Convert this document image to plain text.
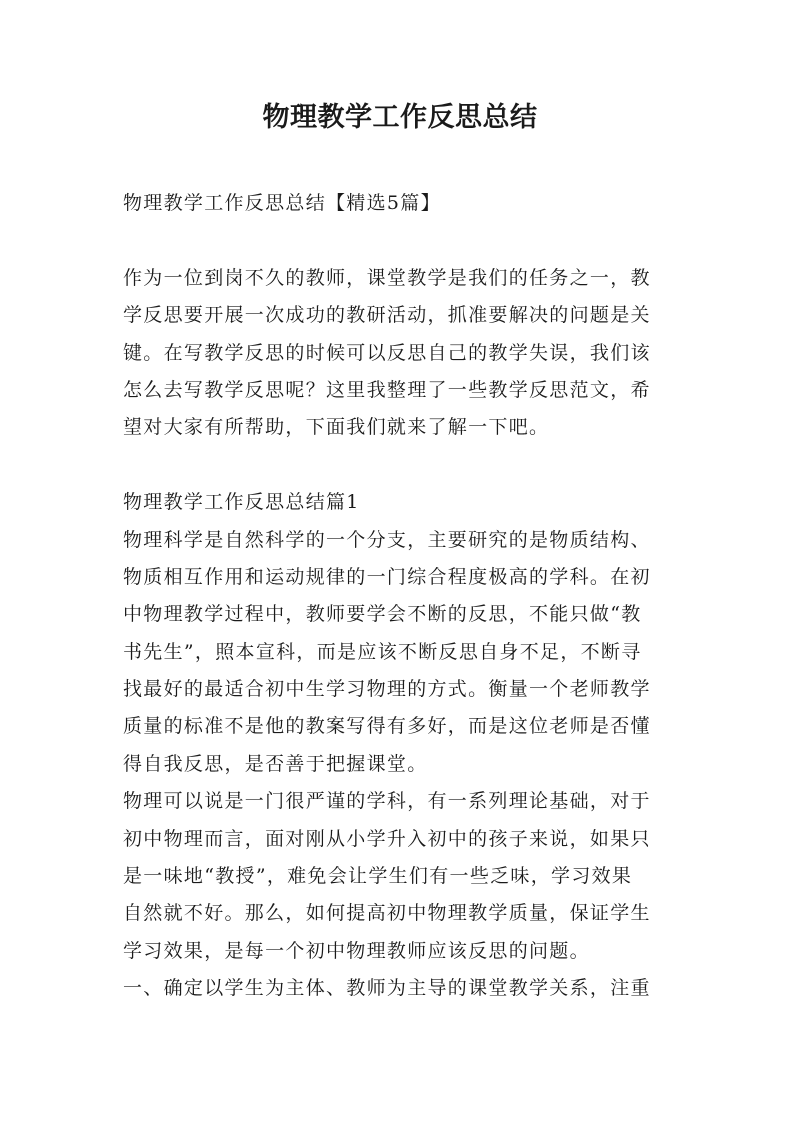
物理教学工作反思总结
物理教学工作反思总结【精选5篇】
作为一位到岗不久的教师，课堂教学是我们的任务之一，教
学反思要开展一次成功的教研活动，抓准要解决的问题是关
键。在写教学反思的时候可以反思自己的教学失误，我们该
怎么去写教学反思呢？这里我整理了一些教学反思范文，希
望对大家有所帮助，下面我们就来了解一下吧。
物理教学工作反思总结篇1
物理科学是自然科学的一个分支，主要研究的是物质结构、
物质相互作用和运动规律的一门综合程度极高的学科。在初
中物理教学过程中，教师要学会不断的反思，不能只做“教
书先生”，照本宣科，而是应该不断反思自身不足，不断寻
找最好的最适合初中生学习物理的方式。衡量一个老师教学
质量的标准不是他的教案写得有多好，而是这位老师是否懂
得自我反思，是否善于把握课堂。
物理可以说是一门很严谨的学科，有一系列理论基础，对于
初中物理而言，面对刚从小学升入初中的孩子来说，如果只
是一味地“教授”，难免会让学生们有一些乏味，学习效果
自然就不好。那么，如何提高初中物理教学质量，保证学生
学习效果，是每一个初中物理教师应该反思的问题。
一、确定以学生为主体、教师为主导的课堂教学关系，注重
